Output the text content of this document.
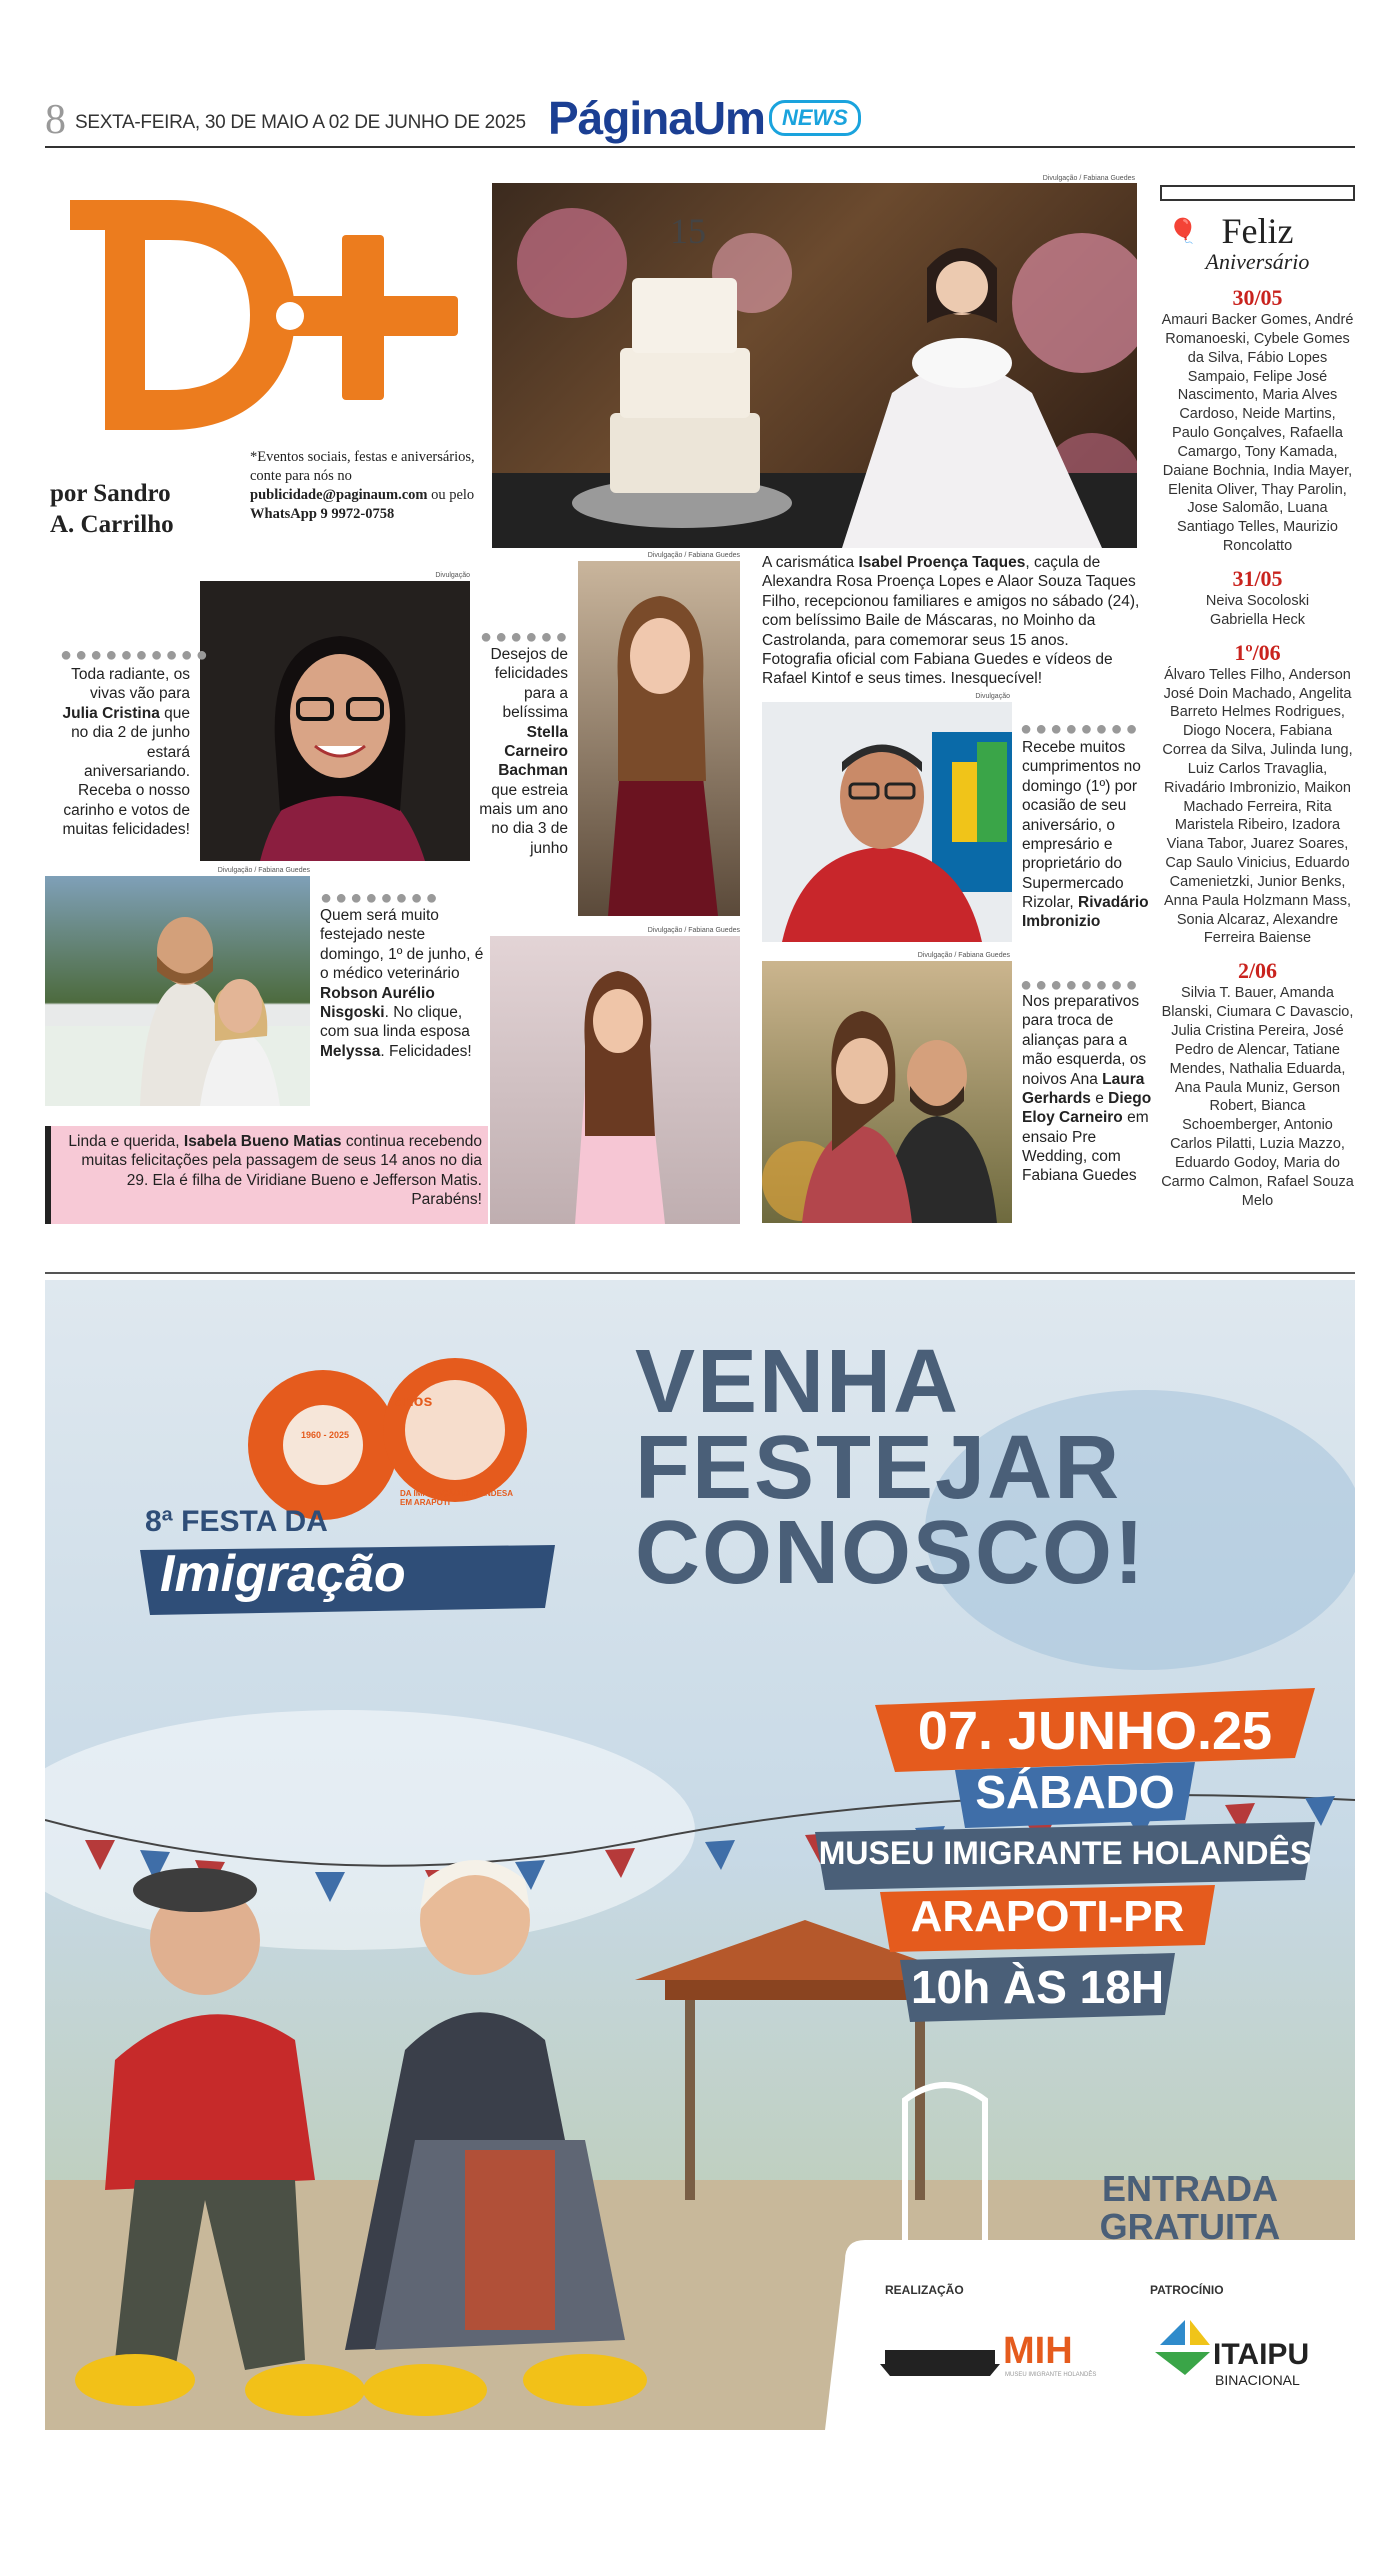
8 SEXTA-FEIRA, 30 DE MAIO A 02 DE JUNHO DE 2025 PáginaUm NEWS
por Sandro
A. Carrilho
*Eventos sociais, festas e aniversários, conte para nós no publicidade@paginaum.com ou pelo WhatsApp 9 9972-0758
Divulgação / Fabiana Guedes
15
A carismática Isabel Proença Taques, caçula de Alexandra Rosa Proença Lopes e Alaor Souza Taques Filho, recepcionou familiares e amigos no sábado (24), com belíssimo Baile de Máscaras, no Moinho da Castrolanda, para comemorar seus 15 anos. Fotografia oficial com Fabiana Guedes e vídeos de Rafael Kintof e seus times. Inesquecível!
Divulgação
●●●●●●●●●●
Toda radiante, os vivas vão para Julia Cristina que no dia 2 de junho estará aniversariando. Receba o nosso carinho e votos de muitas felicidades!
Divulgação / Fabiana Guedes
●●●●●●
Desejos de felicidades para a belíssima Stella Carneiro Bachman que estreia mais um ano no dia 3 de junho
Divulgação
●●●●●●●●
Recebe muitos cumprimentos no domingo (1º) por ocasião de seu aniversário, o empresário e proprietário do Supermercado Rizolar, Rivadário Imbronizio
Divulgação / Fabiana Guedes
●●●●●●●●
Quem será muito festejado neste domingo, 1º de junho, é o médico veterinário Robson Aurélio Nisgoski. No clique, com sua linda esposa Melyssa. Felicidades!
Divulgação / Fabiana Guedes
Linda e querida, Isabela Bueno Matias continua recebendo muitas felicitações pela passagem de seus 14 anos no dia 29. Ela é filha de Viridiane Bueno e Jefferson Matis. Parabéns!
Divulgação / Fabiana Guedes
●●●●●●●●
Nos preparativos para troca de alianças para a mão esquerda, os noivos Ana Laura Gerhards e Diego Eloy Carneiro em ensaio Pre Wedding, com Fabiana Guedes
🎈 Feliz
Aniversário
30/05
Amauri Backer Gomes, André Romanoeski, Cybele Gomes da Silva, Fábio Lopes Sampaio, Felipe José Nascimento, Maria Alves Cardoso, Neide Martins, Paulo Gonçalves, Rafaella Camargo, Tony Kamada, Daiane Bochnia, India Mayer, Elenita Oliver, Thay Parolin, Jose Salomão, Luana Santiago Telles, Maurizio Roncolatto
31/05
Neiva Socoloski Gabriella Heck
1º/06
Álvaro Telles Filho, Anderson José Doin Machado, Angelita Barreto Helmes Rodrigues, Diogo Nocera, Fabiana Correa da Silva, Julinda Iung, Luiz Carlos Travaglia, Rivadário Imbronizio, Maikon Machado Ferreira, Rita Maristela Ribeiro, Izadora Viana Tabor, Juarez Soares, Cap Saulo Vinicius, Eduardo Camenietzki, Junior Benks, Anna Paula Holzmann Mass, Sonia Alcaraz, Alexandre Ferreira Baiense
2/06
Silvia T. Bauer, Amanda Blanski, Ciumara C Davascio, Julia Cristina Pereira, José Pedro de Alencar, Tatiane Mendes, Nathalia Eduarda, Ana Paula Muniz, Gerson Robert, Bianca Schoemberger, Antonio Carlos Pilatti, Luzia Mazzo, Eduardo Godoy, Maria do Carmo Calmon, Rafael Souza Melo
anos
1960 - 2025
DA IMIGRAÇÃO HOLANDESA EM ARAPOTI
8ª FESTA DA
Imigração
VENHA
FESTEJAR
CONOSCO!
07. JUNHO.25
SÁBADO
MUSEU IMIGRANTE HOLANDÊS
ARAPOTI-PR
10h ÀS 18H
ENTRADA
GRATUITA
REALIZAÇÃO
MIH
MUSEU IMIGRANTE HOLANDÊS
PATROCÍNIO
ITAIPU
BINACIONAL
